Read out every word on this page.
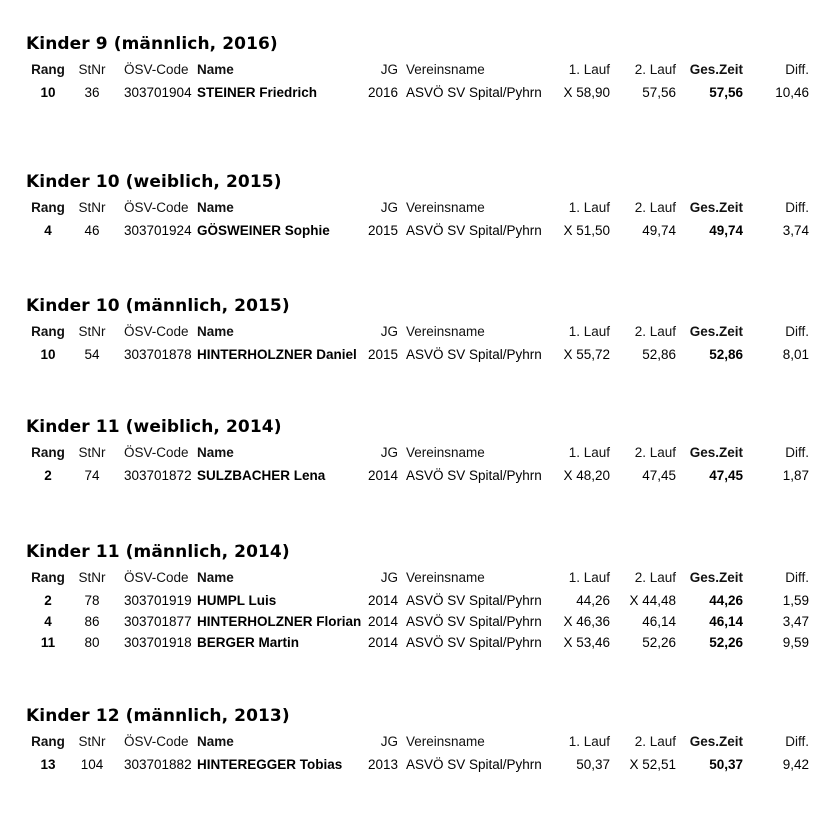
Kinder 9 (männlich, 2016)
Rang	StNr	ÖSV-Code Name	JG Vereinsname	1. Lauf	2. Lauf	Ges.Zeit	Diff.
10	36	303701904 STEINER Friedrich	2016 ASVÖ SV Spital/Pyhrn	X 58,90	57,56	57,56	10,46
Kinder 10 (weiblich, 2015)
Rang	StNr	ÖSV-Code Name	JG Vereinsname	1. Lauf	2. Lauf	Ges.Zeit	Diff.
4	46	303701924 GÖSWEINER Sophie	2015 ASVÖ SV Spital/Pyhrn	X 51,50	49,74	49,74	3,74
Kinder 10 (männlich, 2015)
Rang	StNr	ÖSV-Code Name	JG Vereinsname	1. Lauf	2. Lauf	Ges.Zeit	Diff.
10	54	303701878 HINTERHOLZNER Daniel 2015 ASVÖ SV Spital/Pyhrn	X 55,72	52,86	52,86	8,01
Kinder 11 (weiblich, 2014)
Rang	StNr	ÖSV-Code Name	JG Vereinsname	1. Lauf	2. Lauf	Ges.Zeit	Diff.
2	74	303701872 SULZBACHER Lena	2014 ASVÖ SV Spital/Pyhrn	X 48,20	47,45	47,45	1,87
Kinder 11 (männlich, 2014)
Rang	StNr	ÖSV-Code Name	JG Vereinsname	1. Lauf	2. Lauf	Ges.Zeit	Diff.
2	78	303701919 HUMPL Luis	2014 ASVÖ SV Spital/Pyhrn	44,26	X 44,48	44,26	1,59
4	86	303701877 HINTERHOLZNER Florian 2014 ASVÖ SV Spital/Pyhrn	X 46,36	46,14	46,14	3,47
11	80	303701918 BERGER Martin	2014 ASVÖ SV Spital/Pyhrn	X 53,46	52,26	52,26	9,59
Kinder 12 (männlich, 2013)
Rang	StNr	ÖSV-Code Name	JG Vereinsname	1. Lauf	2. Lauf	Ges.Zeit	Diff.
13	104	303701882 HINTEREGGER Tobias	2013 ASVÖ SV Spital/Pyhrn	50,37	X 52,51	50,37	9,42
